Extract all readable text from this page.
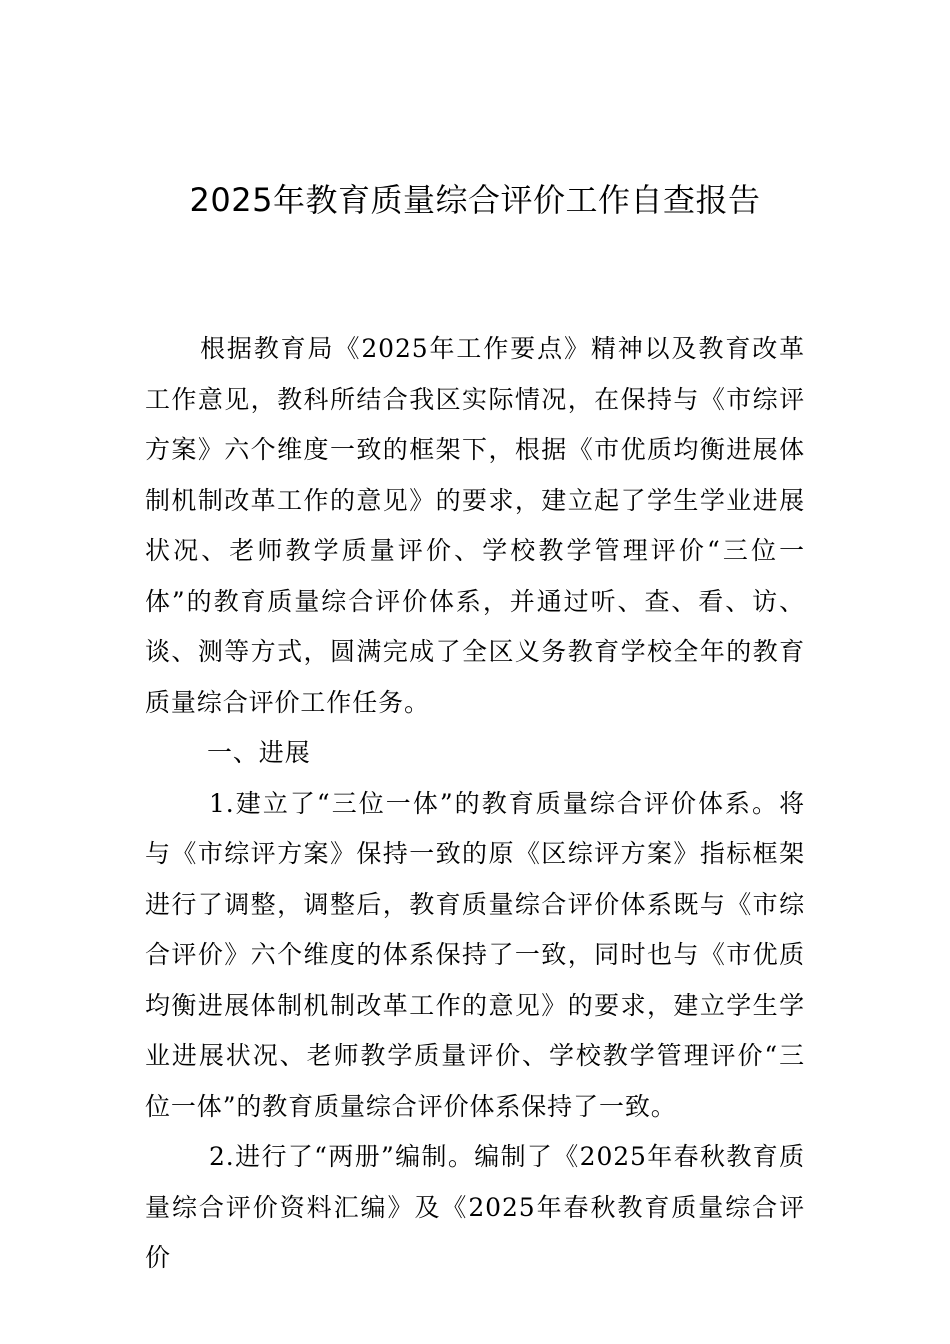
2025年教育质量综合评价工作自查报告

根据教育局《2025年工作要点》精神以及教育改革工作意见，教科所结合我区实际情况，在保持与《市综评方案》六个维度一致的框架下，根据《市优质均衡进展体制机制改革工作的意见》的要求，建立起了学生学业进展状况、老师教学质量评价、学校教学管理评价“三位一体”的教育质量综合评价体系，并通过听、查、看、访、谈、测等方式，圆满完成了全区义务教育学校全年的教育质量综合评价工作任务。

一、进展

1.建立了“三位一体”的教育质量综合评价体系。将与《市综评方案》保持一致的原《区综评方案》指标框架进行了调整，调整后，教育质量综合评价体系既与《市综合评价》六个维度的体系保持了一致，同时也与《市优质均衡进展体制机制改革工作的意见》的要求，建立学生学业进展状况、老师教学质量评价、学校教学管理评价“三位一体”的教育质量综合评价体系保持了一致。

2.进行了“两册”编制。编制了《2025年春秋教育质量综合评价资料汇编》及《2025年春秋教育质量综合评价
